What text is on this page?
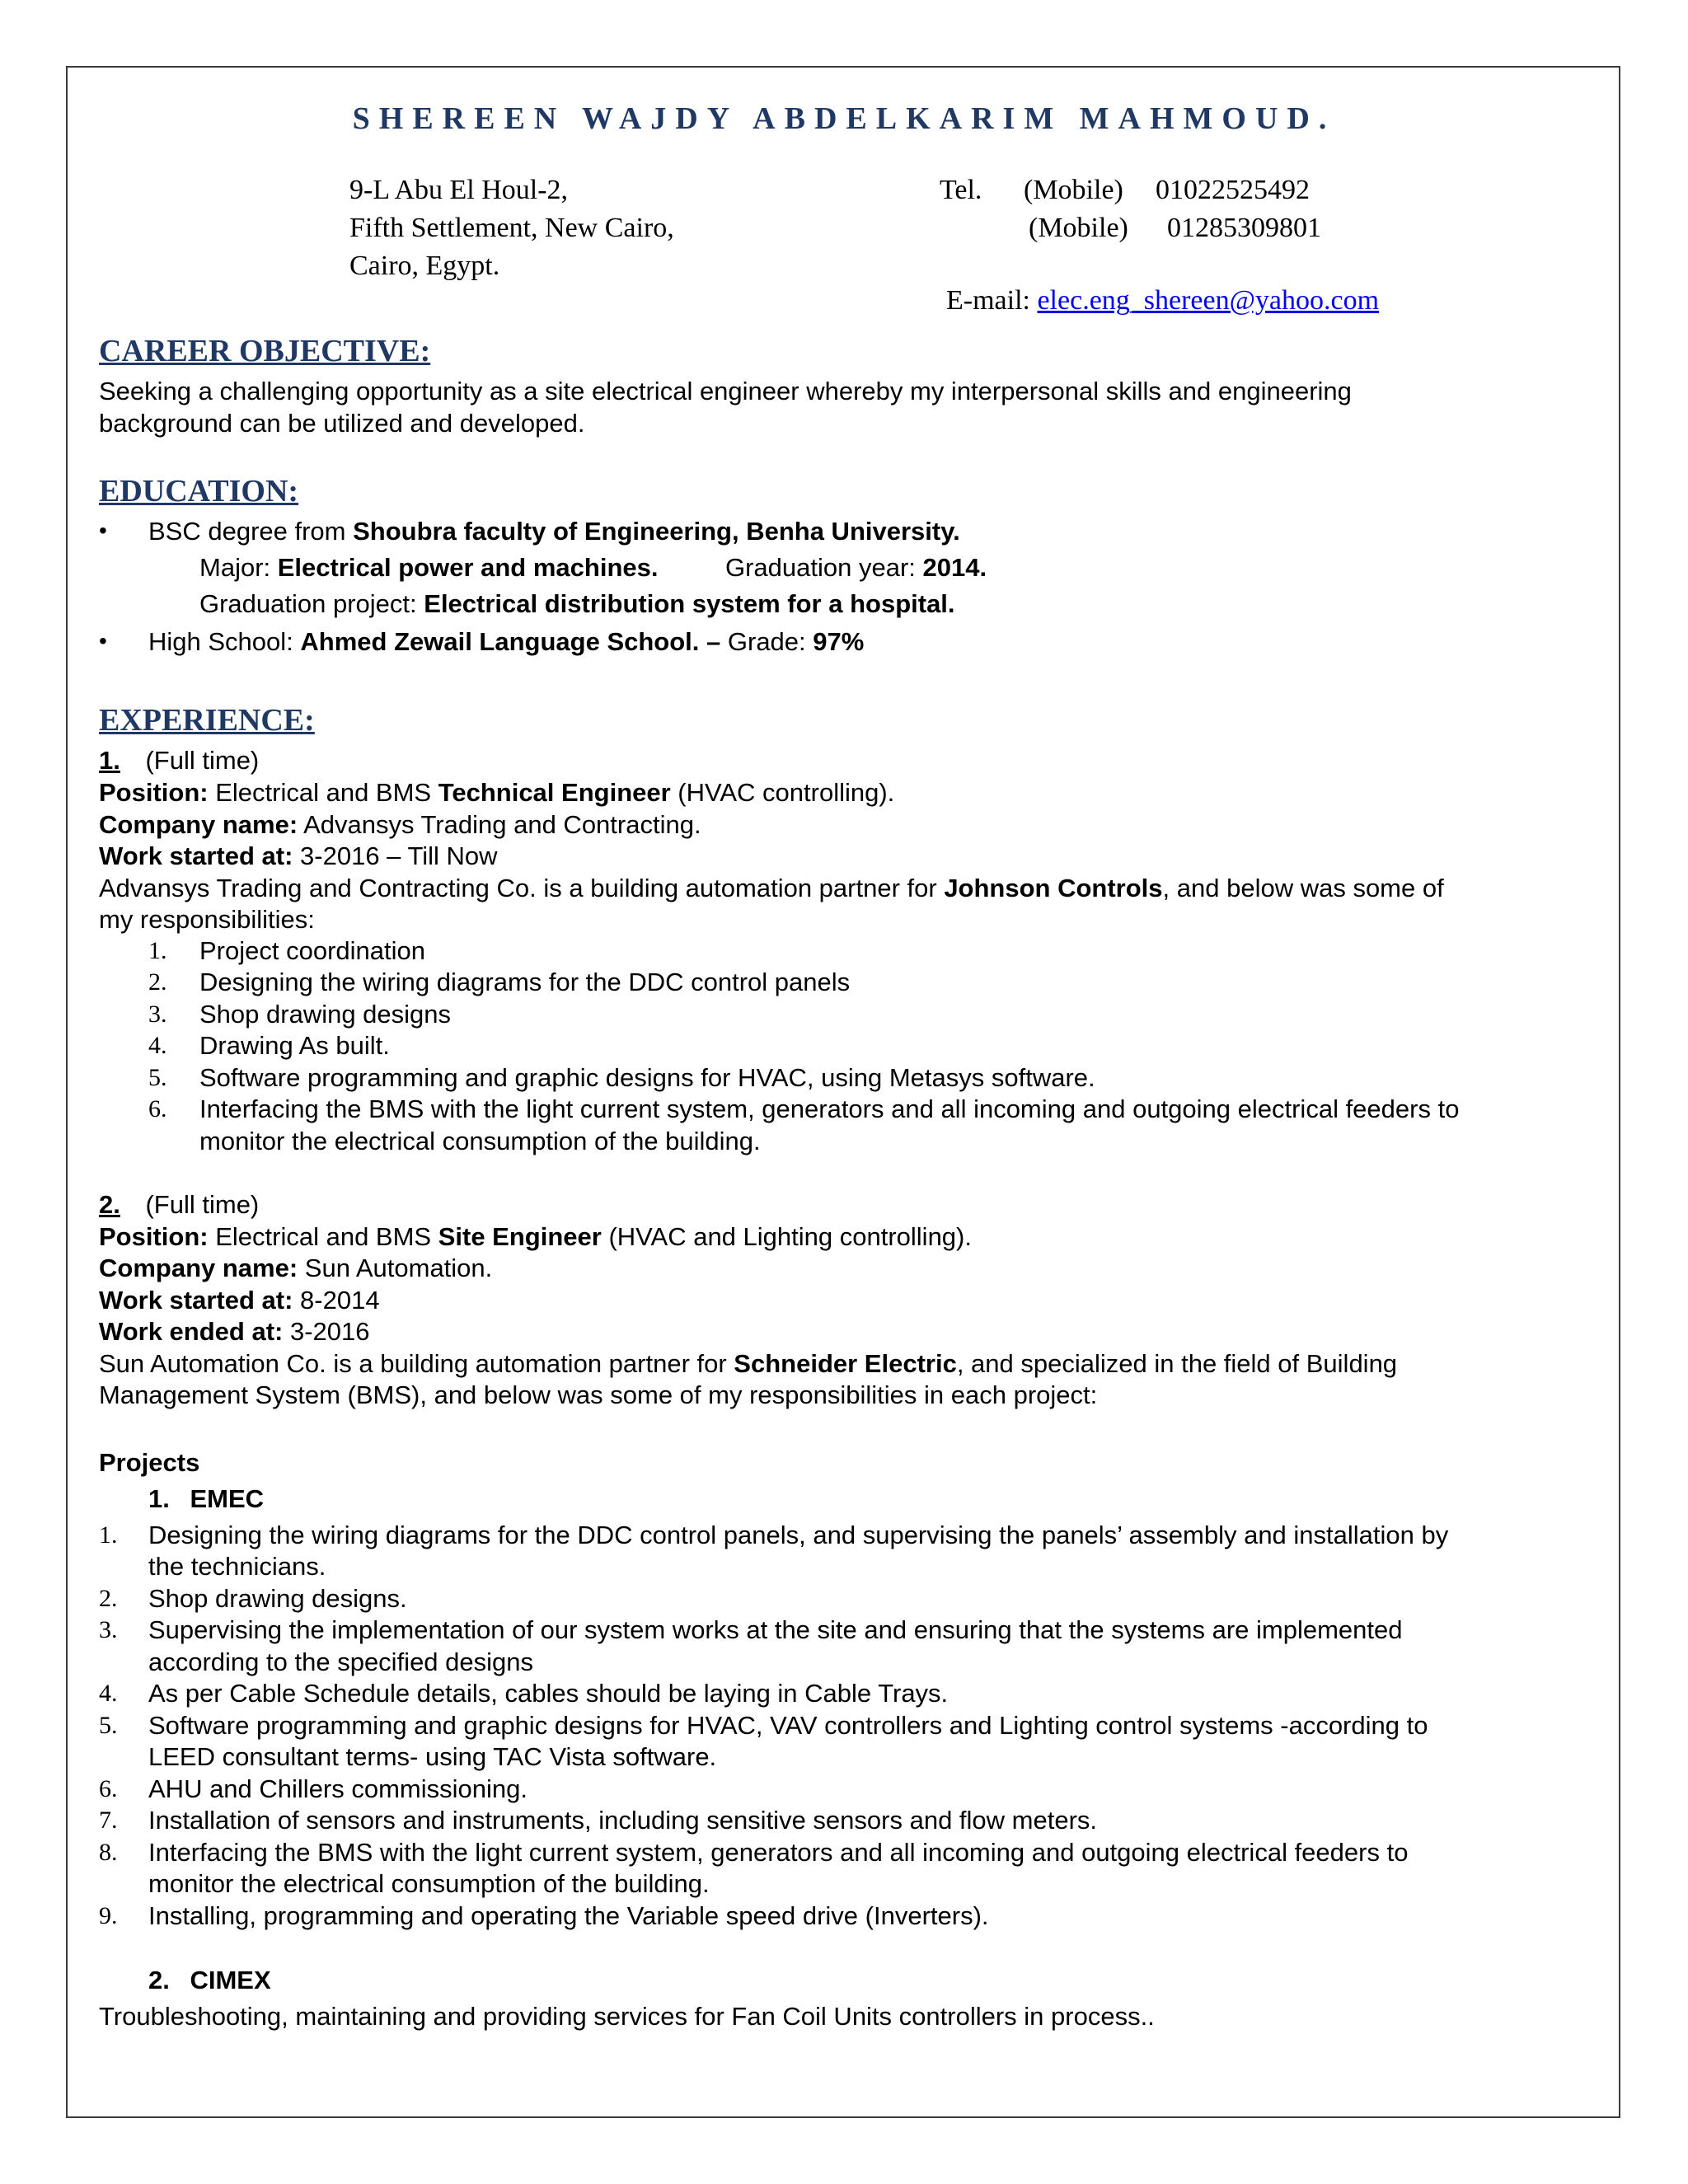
SHEREEN WAJDY ABDELKARIM MAHMOUD.
9-L Abu El Houl-2,
Fifth Settlement, New Cairo,
Cairo, Egypt.
Tel. (Mobile) 01022525492
(Mobile) 01285309801
E-mail: elec.eng_shereen@yahoo.com
CAREER OBJECTIVE:
Seeking a challenging opportunity as a site electrical engineer whereby my interpersonal skills and engineering
background can be utilized and developed.
EDUCATION:
• BSC degree from Shoubra faculty of Engineering, Benha University.
Major: Electrical power and machines.	Graduation year: 2014.
Graduation project: Electrical distribution system for a hospital.
• High School: Ahmed Zewail Language School. – Grade: 97%
EXPERIENCE:
1. (Full time)
Position: Electrical and BMS Technical Engineer (HVAC controlling).
Company name: Advansys Trading and Contracting.
Work started at: 3-2016 – Till Now
Advansys Trading and Contracting Co. is a building automation partner for Johnson Controls, and below was some of
my responsibilities:
1. Project coordination
2. Designing the wiring diagrams for the DDC control panels
3. Shop drawing designs
4. Drawing As built.
5. Software programming and graphic designs for HVAC, using Metasys software.
6. Interfacing the BMS with the light current system, generators and all incoming and outgoing electrical feeders to
monitor the electrical consumption of the building.
2. (Full time)
Position: Electrical and BMS Site Engineer (HVAC and Lighting controlling).
Company name: Sun Automation.
Work started at: 8-2014
Work ended at: 3-2016
Sun Automation Co. is a building automation partner for Schneider Electric, and specialized in the field of Building
Management System (BMS), and below was some of my responsibilities in each project:
Projects
1. EMEC
1. Designing the wiring diagrams for the DDC control panels, and supervising the panels’ assembly and installation by
the technicians.
2. Shop drawing designs.
3. Supervising the implementation of our system works at the site and ensuring that the systems are implemented
according to the specified designs
4. As per Cable Schedule details, cables should be laying in Cable Trays.
5. Software programming and graphic designs for HVAC, VAV controllers and Lighting control systems -according to
LEED consultant terms- using TAC Vista software.
6. AHU and Chillers commissioning.
7. Installation of sensors and instruments, including sensitive sensors and flow meters.
8. Interfacing the BMS with the light current system, generators and all incoming and outgoing electrical feeders to
monitor the electrical consumption of the building.
9. Installing, programming and operating the Variable speed drive (Inverters).
2. CIMEX
Troubleshooting, maintaining and providing services for Fan Coil Units controllers in process..
